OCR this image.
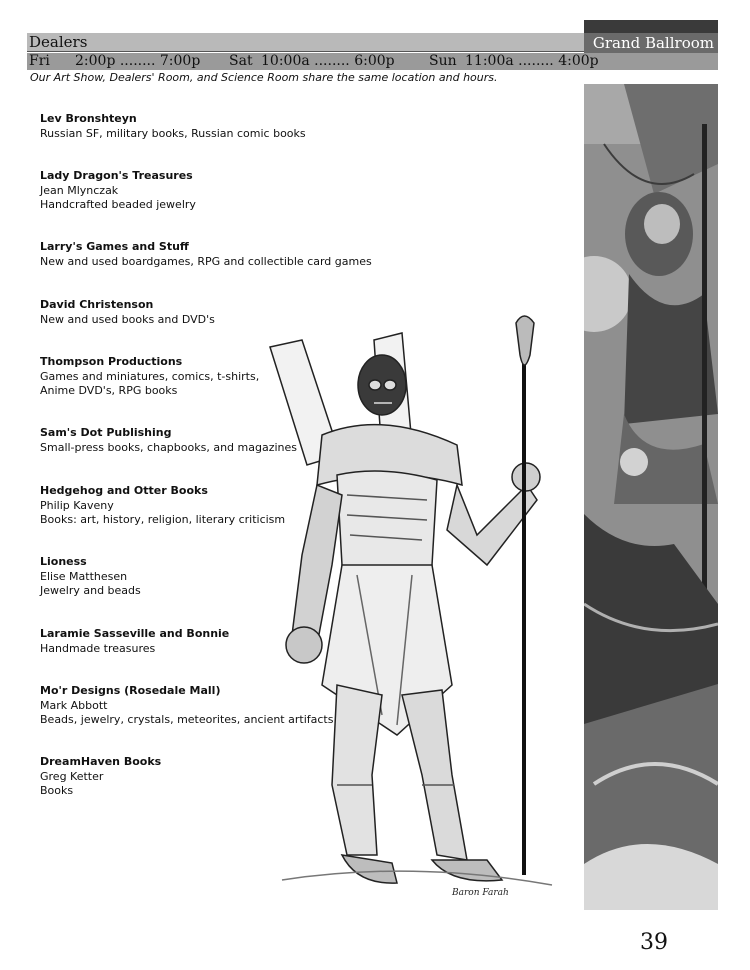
Grand Ballroom
Dealers
Fri 2:00p ........ 7:00p Sat 10:00a ........ 6:00p Sun 11:00a ........ 4:00p
Our Art Show, Dealers' Room, and Science Room share the same location and hours.
Lev Bronshteyn
Russian SF, military books, Russian comic books
Lady Dragon's Treasures
Jean Mlynczak
Handcrafted beaded jewelry
Larry's Games and Stuff
New and used boardgames, RPG and collectible card games
David Christenson
New and used books and DVD's
Thompson Productions
Games and miniatures, comics, t-shirts,
Anime DVD's, RPG books
Sam's Dot Publishing
Small-press books, chapbooks, and magazines
Hedgehog and Otter Books
Philip Kaveny
Books: art, history, religion, literary criticism
Lioness
Elise Matthesen
Jewelry and beads
Laramie Sasseville and Bonnie
Handmade treasures
Mo'r Designs (Rosedale Mall)
Mark Abbott
Beads, jewelry, crystals, meteorites, ancient artifacts
DreamHaven Books
Greg Ketter
Books
Baron Farah
39
